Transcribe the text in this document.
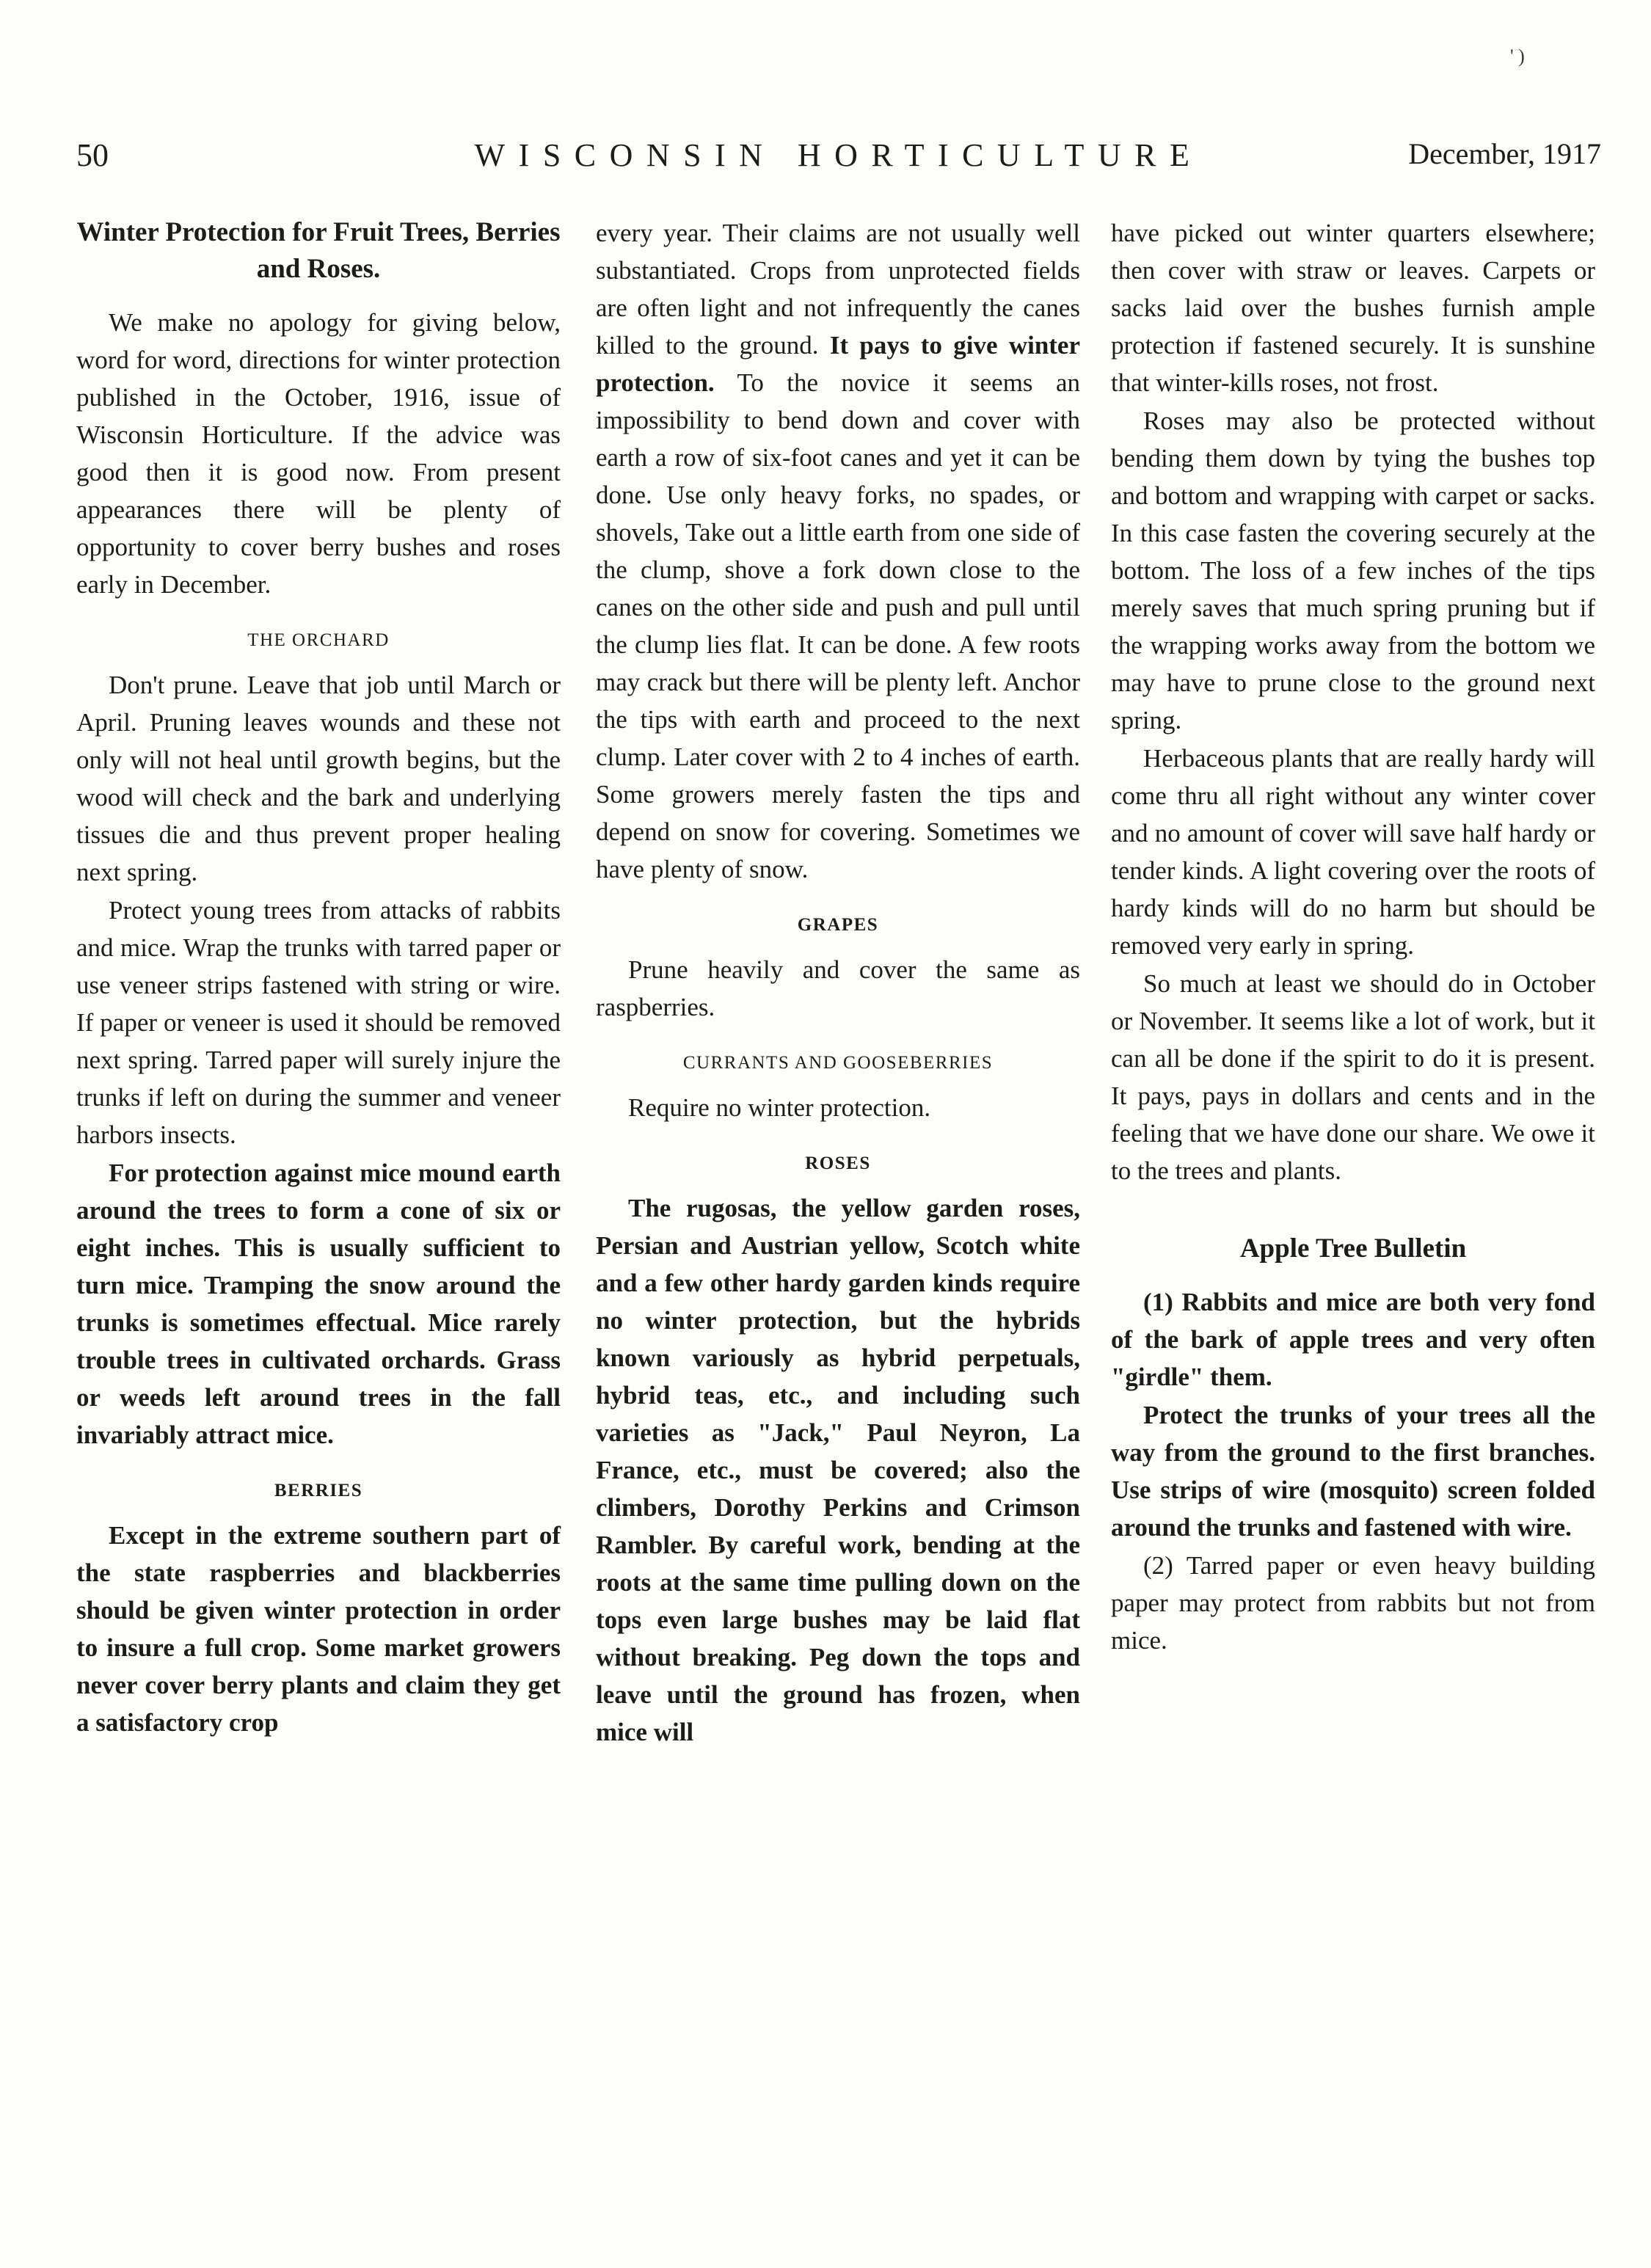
' )
50	WISCONSIN HORTICULTURE	December, 1917
Winter Protection for Fruit Trees, Berries and Roses.

We make no apology for giving below, word for word, directions for winter protection published in the October, 1916, issue of Wisconsin Horticulture. If the advice was good then it is good now. From present appearances there will be plenty of opportunity to cover berry bushes and roses early in December.

THE ORCHARD

Don't prune. Leave that job until March or April. Pruning leaves wounds and these not only will not heal until growth begins, but the wood will check and the bark and underlying tissues die and thus prevent proper healing next spring.

Protect young trees from attacks of rabbits and mice. Wrap the trunks with tarred paper or use veneer strips fastened with string or wire. If paper or veneer is used it should be removed next spring. Tarred paper will surely injure the trunks if left on during the summer and veneer harbors insects.

For protection against mice mound earth around the trees to form a cone of six or eight inches. This is usually sufficient to turn mice. Tramping the snow around the trunks is sometimes effectual. Mice rarely trouble trees in cultivated orchards. Grass or weeds left around trees in the fall invariably attract mice.

BERRIES

Except in the extreme southern part of the state raspberries and blackberries should be given winter protection in order to insure a full crop. Some market growers never cover berry plants and claim they get a satisfactory crop

every year. Their claims are not usually well substantiated. Crops from unprotected fields are often light and not infrequently the canes killed to the ground. It pays to give winter protection. To the novice it seems an impossibility to bend down and cover with earth a row of six-foot canes and yet it can be done. Use only heavy forks, no spades, or shovels, Take out a little earth from one side of the clump, shove a fork down close to the canes on the other side and push and pull until the clump lies flat. It can be done. A few roots may crack but there will be plenty left. Anchor the tips with earth and proceed to the next clump. Later cover with 2 to 4 inches of earth. Some growers merely fasten the tips and depend on snow for covering. Sometimes we have plenty of snow.

GRAPES

Prune heavily and cover the same as raspberries.

CURRANTS AND GOOSEBERRIES

Require no winter protection.

ROSES

The rugosas, the yellow garden roses, Persian and Austrian yellow, Scotch white and a few other hardy garden kinds require no winter protection, but the hybrids known variously as hybrid perpetuals, hybrid teas, etc., and including such varieties as "Jack," Paul Neyron, La France, etc., must be covered; also the climbers, Dorothy Perkins and Crimson Rambler. By careful work, bending at the roots at the same time pulling down on the tops even large bushes may be laid flat without breaking. Peg down the tops and leave until the ground has frozen, when mice will

have picked out winter quarters elsewhere; then cover with straw or leaves. Carpets or sacks laid over the bushes furnish ample protection if fastened securely. It is sunshine that winter-kills roses, not frost.

Roses may also be protected without bending them down by tying the bushes top and bottom and wrapping with carpet or sacks. In this case fasten the covering securely at the bottom. The loss of a few inches of the tips merely saves that much spring pruning but if the wrapping works away from the bottom we may have to prune close to the ground next spring.

Herbaceous plants that are really hardy will come thru all right without any winter cover and no amount of cover will save half hardy or tender kinds. A light covering over the roots of hardy kinds will do no harm but should be removed very early in spring.

So much at least we should do in October or November. It seems like a lot of work, but it can all be done if the spirit to do it is present. It pays, pays in dollars and cents and in the feeling that we have done our share. We owe it to the trees and plants.

Apple Tree Bulletin

(1) Rabbits and mice are both very fond of the bark of apple trees and very often "girdle" them.

Protect the trunks of your trees all the way from the ground to the first branches. Use strips of wire (mosquito) screen folded around the trunks and fastened with wire.

(2) Tarred paper or even heavy building paper may protect from rabbits but not from mice.
